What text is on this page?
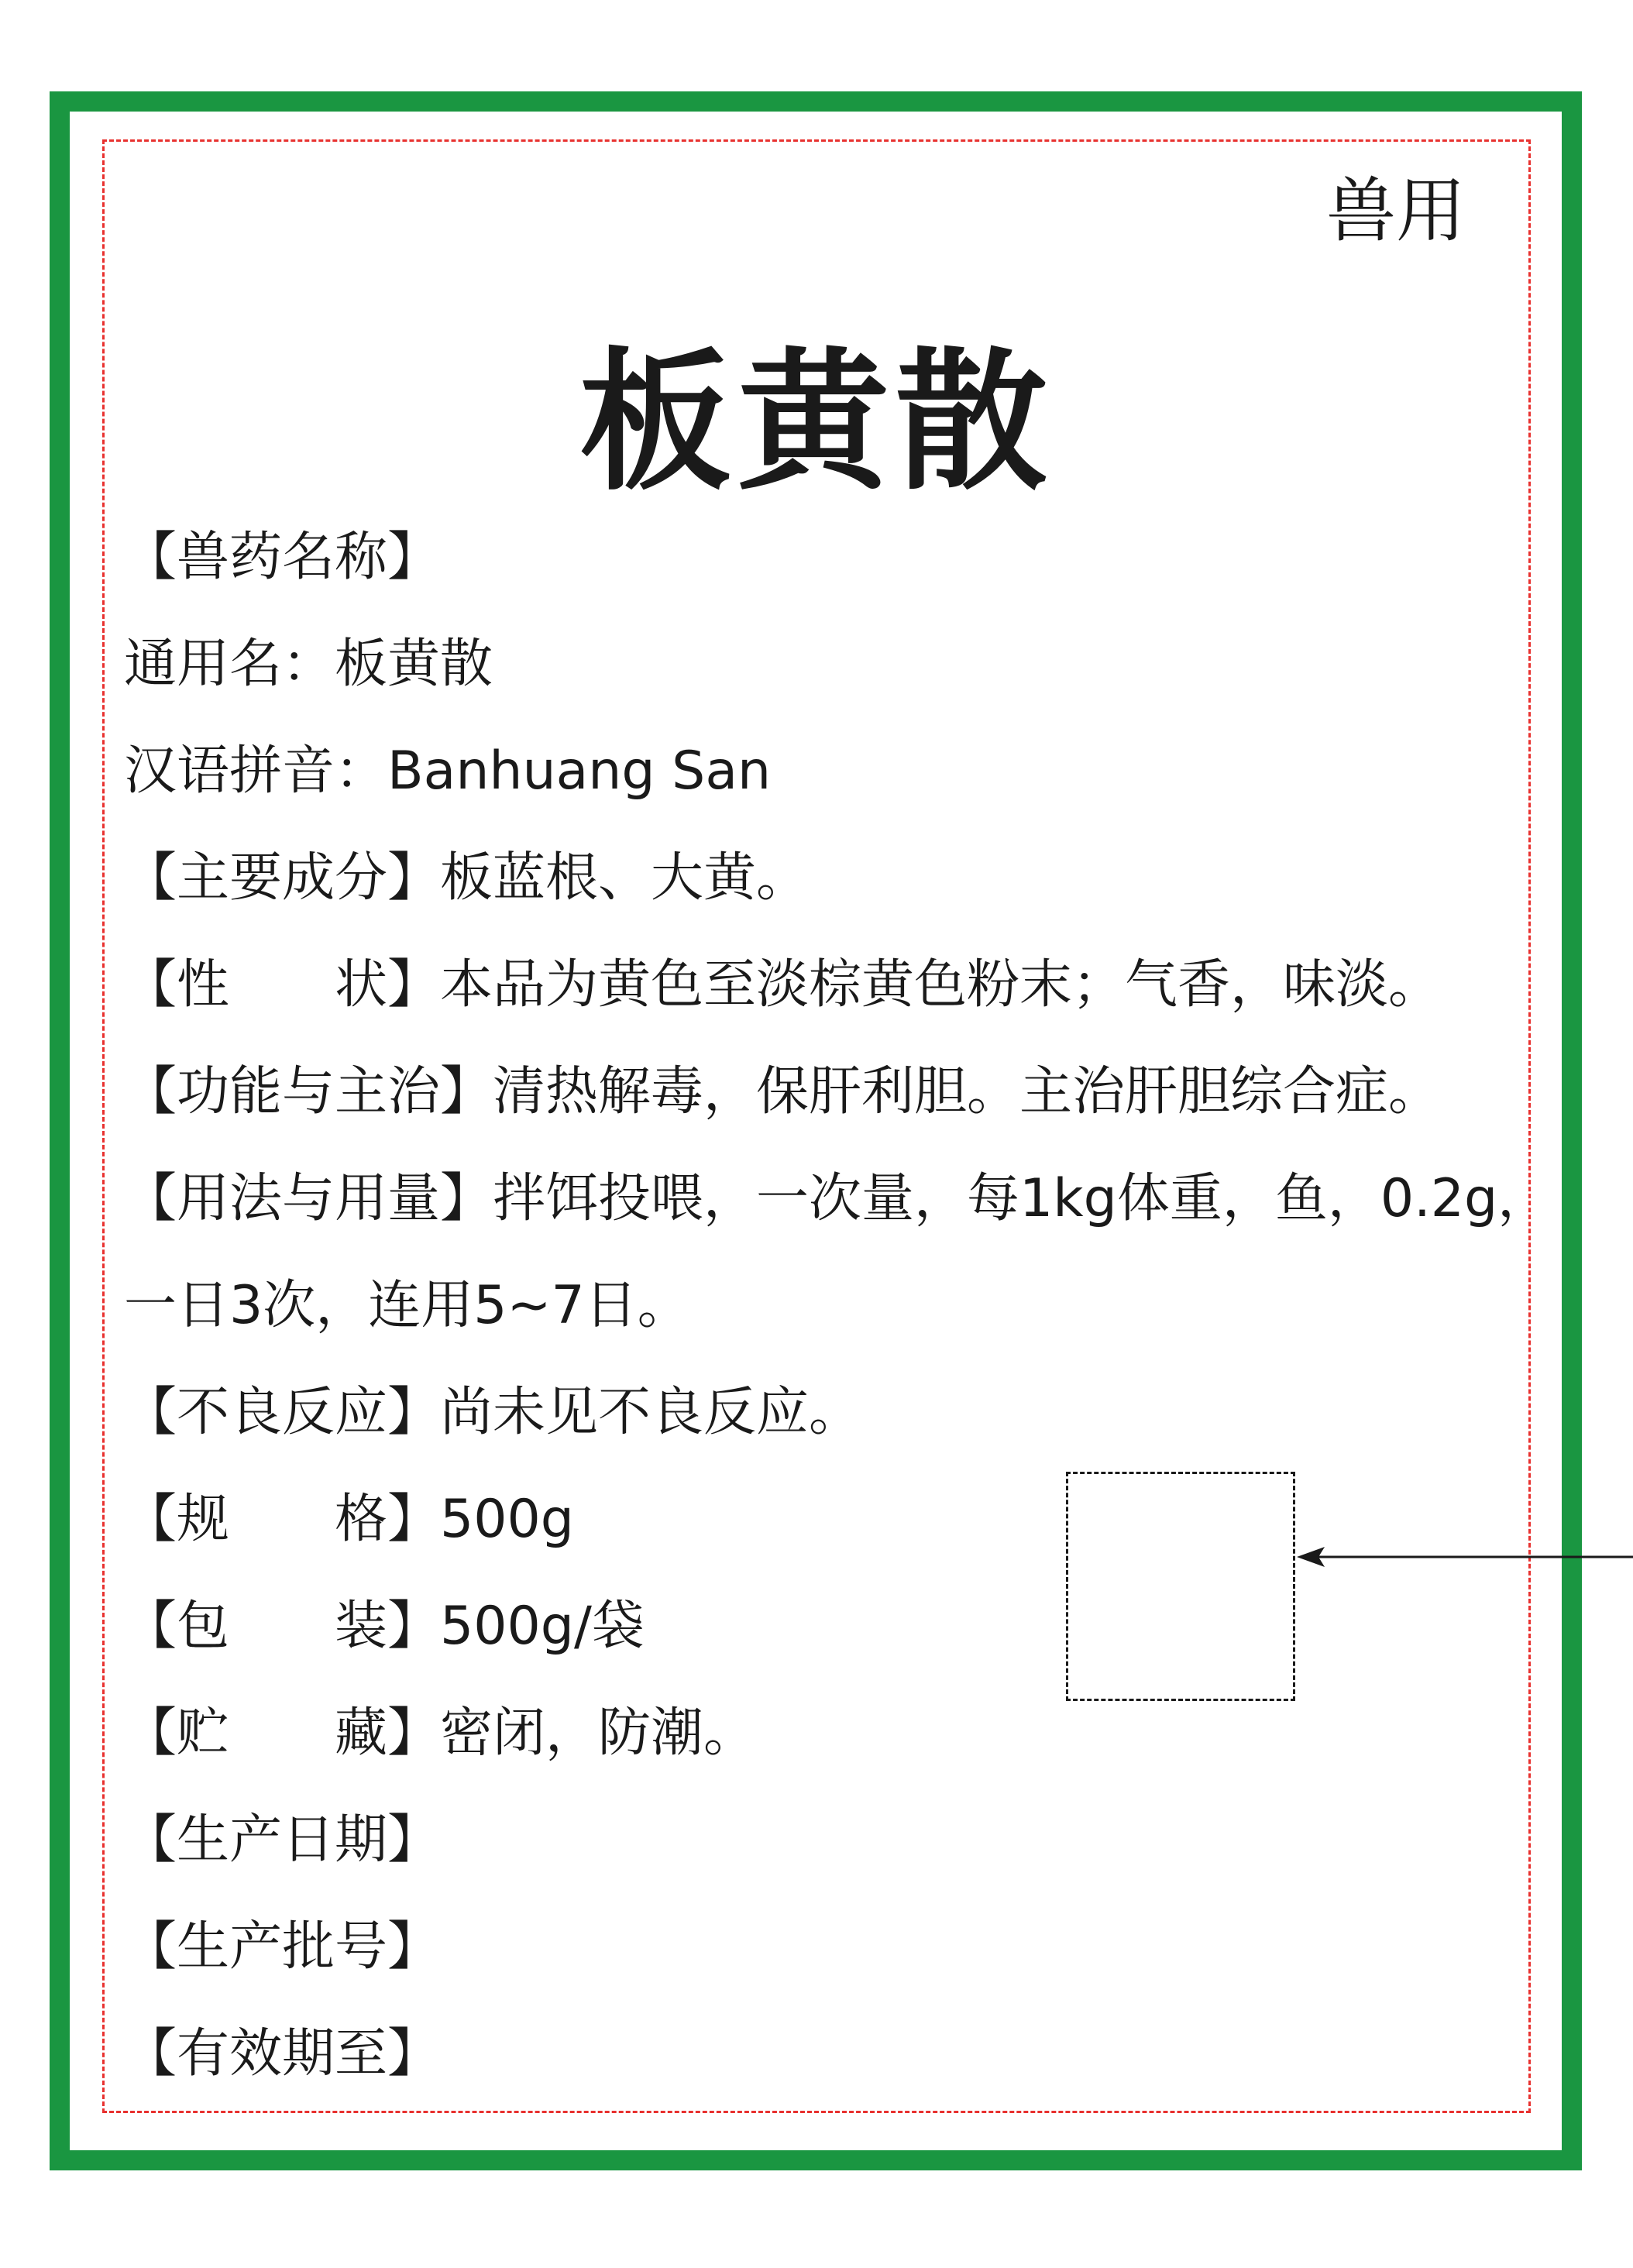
兽用
板黄散
【兽药名称】
通用名：板黄散
汉语拼音：Banhuang San
【主要成分】板蓝根、大黄。
【性　　状】本品为黄色至淡棕黄色粉末；气香，味淡。
【功能与主治】清热解毒，保肝利胆。主治肝胆综合症。
【用法与用量】拌饵投喂，一次量，每1kg体重，鱼，0.2g，
一日3次，连用5~7日。
【不良反应】尚未见不良反应。
【规　　格】500g
【包　　装】500g/袋
【贮　　藏】密闭，防潮。
【生产日期】
【生产批号】
【有效期至】
